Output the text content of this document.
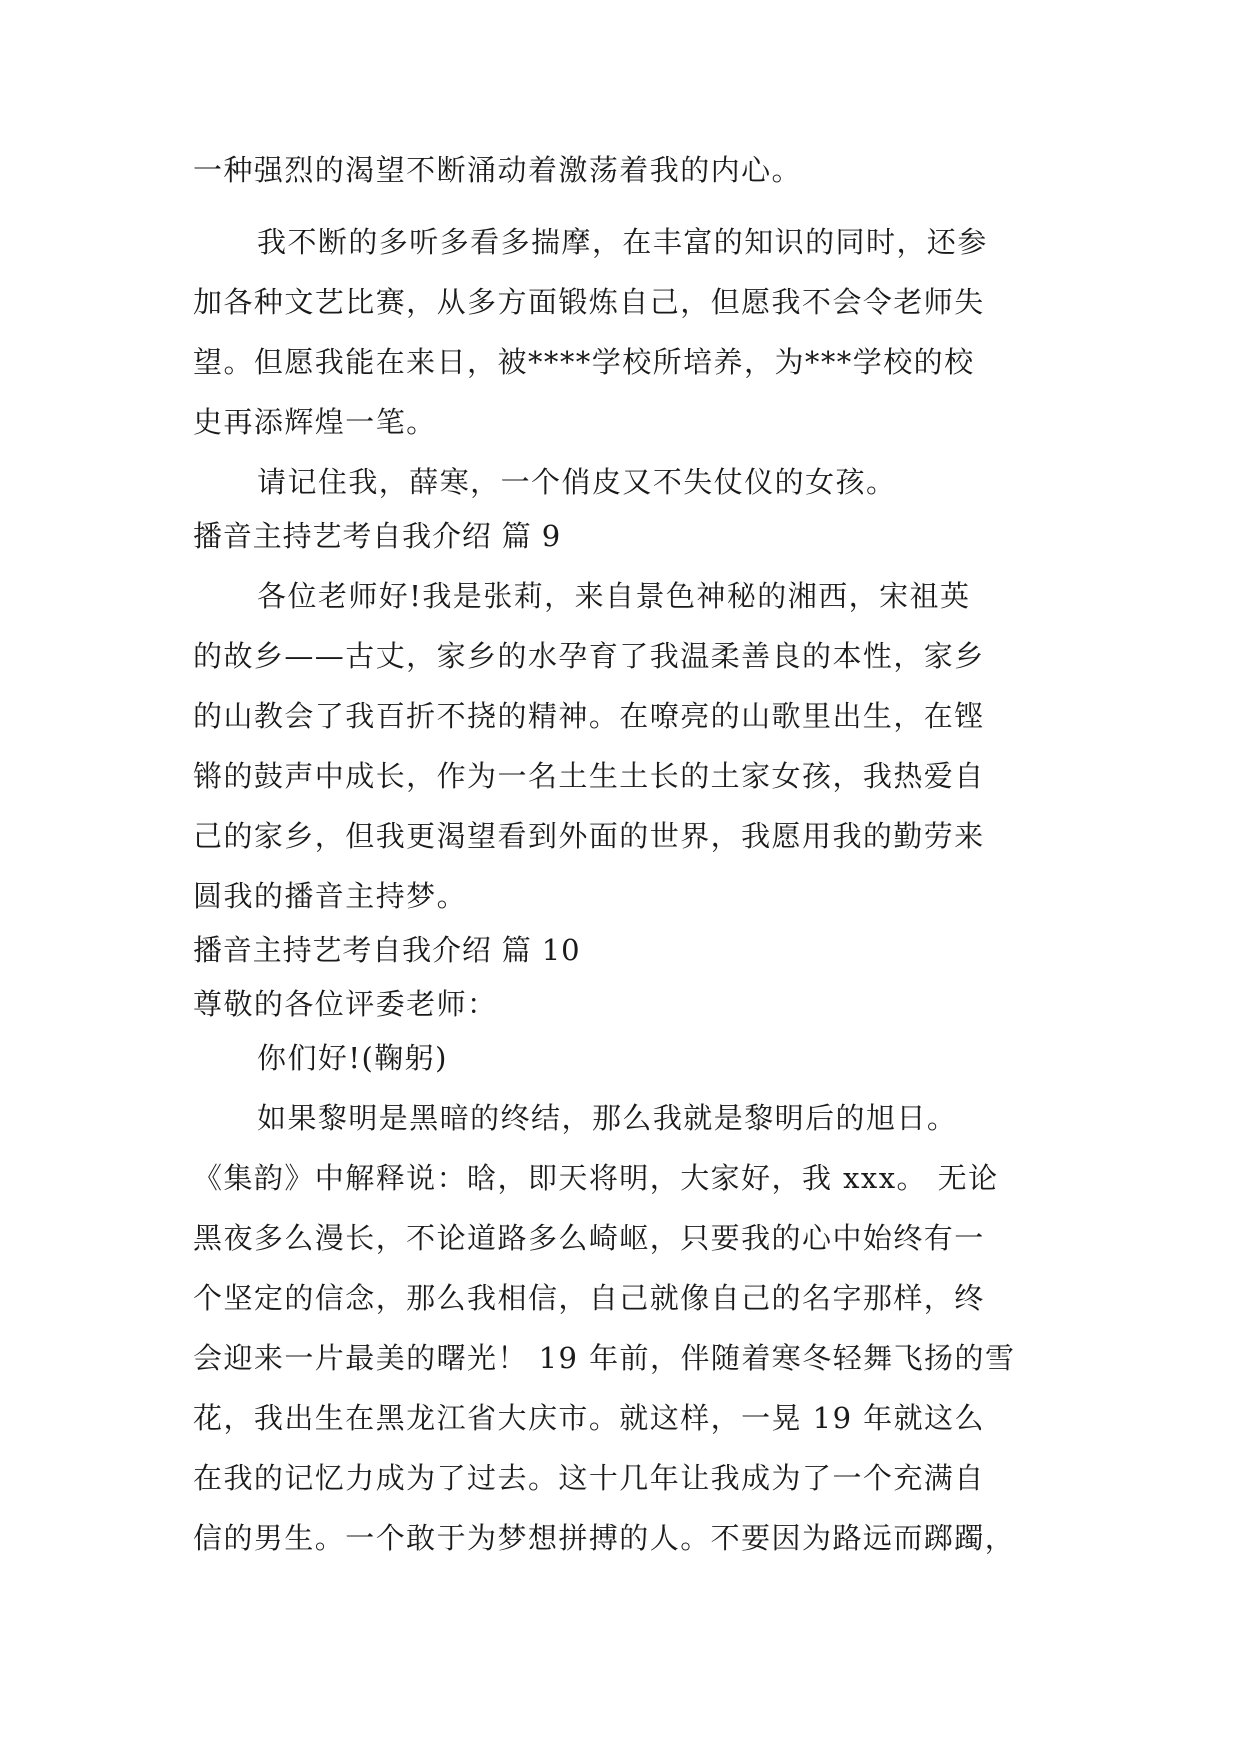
一种强烈的渴望不断涌动着激荡着我的内心。
我不断的多听多看多揣摩，在丰富的知识的同时，还参
加各种文艺比赛，从多方面锻炼自己，但愿我不会令老师失
望。但愿我能在来日，被****学校所培养，为***学校的校
史再添辉煌一笔。
请记住我，薛寒，一个俏皮又不失仗仪的女孩。
播音主持艺考自我介绍 篇 9
各位老师好!我是张莉，来自景色神秘的湘西，宋祖英
的故乡——古丈，家乡的水孕育了我温柔善良的本性，家乡
的山教会了我百折不挠的精神。在嘹亮的山歌里出生，在铿
锵的鼓声中成长，作为一名土生土长的土家女孩，我热爱自
己的家乡，但我更渴望看到外面的世界，我愿用我的勤劳来
圆我的播音主持梦。
播音主持艺考自我介绍 篇 10
尊敬的各位评委老师：
你们好!(鞠躬)
如果黎明是黑暗的终结，那么我就是黎明后的旭日。
《集韵》中解释说：晗，即天将明，大家好，我 xxx。 无论
黑夜多么漫长，不论道路多么崎岖，只要我的心中始终有一
个坚定的信念，那么我相信，自己就像自己的名字那样，终
会迎来一片最美的曙光！ 19 年前，伴随着寒冬轻舞飞扬的雪
花，我出生在黑龙江省大庆市。就这样，一晃 19 年就这么
在我的记忆力成为了过去。这十几年让我成为了一个充满自
信的男生。一个敢于为梦想拼搏的人。不要因为路远而踯躅，
